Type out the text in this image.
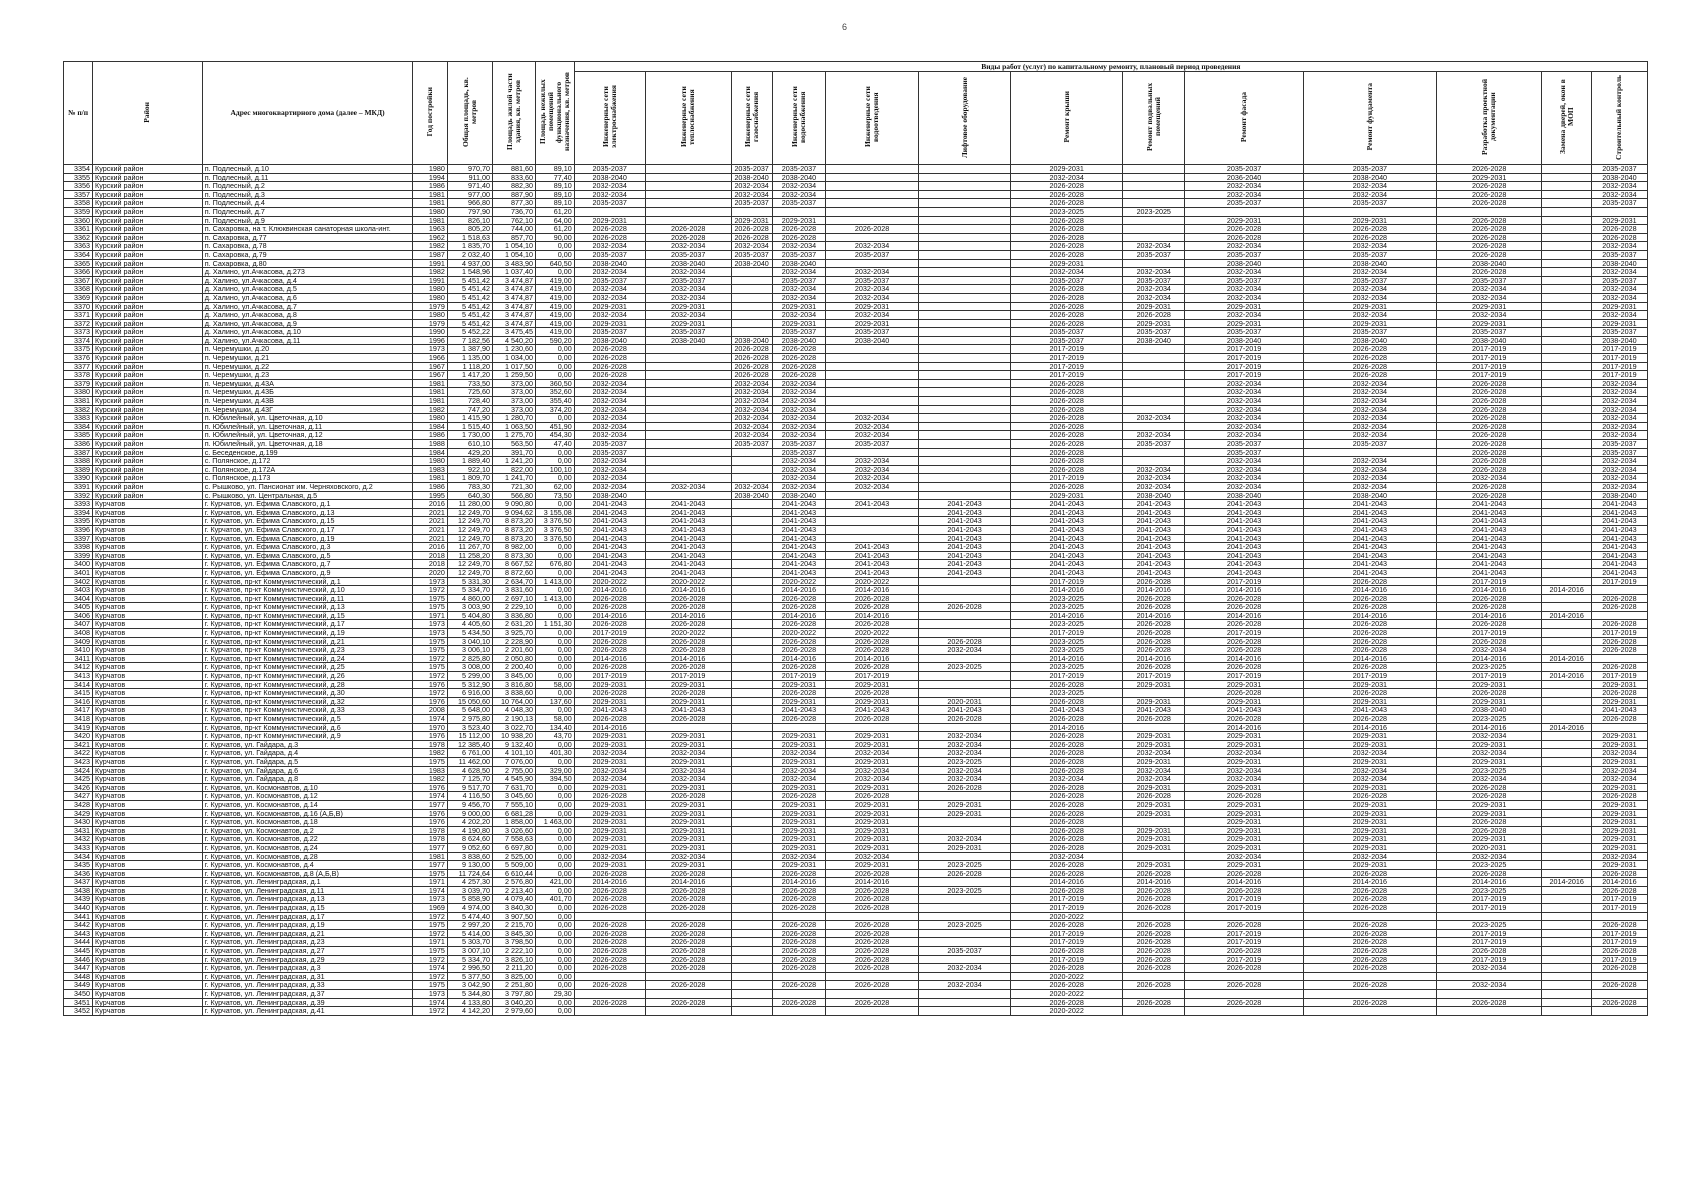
6
№ п/п	Район	Адрес многоквартирного дома (далее – МКД)	Год постройки	Общая площадь, кв. метров	Площадь жилой части здания, кв. метров	Площадь нежилых помещений функционального назначения, кв. метров	Виды работ (услуг) по капитальному ремонту, плановый период проведения												
							Инженерные сети электроснабжения	Инженерные сети теплоснабжения	Инженерные сети газоснабжения	Инженерные сети водоснабжения	Инженерные сети водоотведения	Лифтовое оборудование	Ремонт крыши	Ремонт подвальных помещений	Ремонт фасада	Ремонт фундамента	Разработка проектной документации	Замена дверей, окон в МОП	Строительный контроль
3354	Курский район	п. Подлесный, д.10	1980	970,70	881,60	89,10	2035-2037		2035-2037	2035-2037			2029-2031		2035-2037	2035-2037	2026-2028		2035-2037
3355	Курский район	п. Подлесный, д.11	1994	911,00	833,60	77,40	2038-2040		2038-2040	2038-2040			2032-2034		2036-2040	2038-2040	2029-2031		2038-2040
3356	Курский район	п. Подлесный, д.2	1986	971,40	882,30	89,10	2032-2034		2032-2034	2032-2034			2026-2028		2032-2034	2032-2034	2026-2028		2032-2034
3357	Курский район	п. Подлесный, д.3	1981	977,00	887,90	89,10	2032-2034		2032-2034	2032-2034			2026-2028		2032-2034	2032-2034	2026-2028		2032-2034
3358	Курский район	п. Подлесный, д.4	1981	966,80	877,30	89,10	2035-2037		2035-2037	2035-2037			2026-2028		2035-2037	2035-2037	2026-2028		2035-2037
3359	Курский район	п. Подлесный, д.7	1980	797,90	736,70	61,20							2023-2025	2023-2025					
3360	Курский район	п. Подлесный, д.9	1981	826,10	762,10	64,00	2029-2031		2029-2031	2029-2031			2026-2028		2029-2031	2029-2031	2026-2028		2029-2031
3361	Курский район	п. Сахаровка, на т. Клюквинская санаторная школа-инт.	1963	805,20	744,00	61,20	2026-2028	2026-2028	2026-2028	2026-2028	2026-2028		2026-2028		2026-2028	2026-2028	2026-2028		2026-2028
3362	Курский район	п. Сахаровка, д.77	1962	1 518,63	857,70	90,00	2026-2028	2026-2028	2026-2028	2026-2028			2026-2028		2026-2028	2026-2028	2026-2028		2026-2028
3363	Курский район	п. Сахаровка, д.78	1982	1 835,70	1 054,10	0,00	2032-2034	2032-2034	2032-2034	2032-2034	2032-2034		2026-2028	2032-2034	2032-2034	2032-2034	2026-2028		2032-2034
3364	Курский район	п. Сахаровка, д.79	1987	2 032,40	1 054,10	0,00	2035-2037	2035-2037	2035-2037	2035-2037	2035-2037		2026-2028	2035-2037	2035-2037	2035-2037	2026-2028		2035-2037
3365	Курский район	п. Сахаровка, д.80	1991	4 937,00	3 483,90	640,50	2038-2040	2038-2040	2038-2040	2038-2040			2029-2031		2038-2040	2038-2040	2038-2040		2038-2040
3366	Курский район	д. Халино, ул.Ачкасова, д.273	1982	1 548,96	1 037,40	0,00	2032-2034	2032-2034		2032-2034	2032-2034		2032-2034	2032-2034	2032-2034	2032-2034	2026-2028		2032-2034
3367	Курский район	д. Халино, ул.Ачкасова, д.4	1991	5 451,42	3 474,87	419,00	2035-2037	2035-2037		2035-2037	2035-2037		2035-2037	2035-2037	2035-2037	2035-2037	2035-2037		2035-2037
3368	Курский район	д. Халино, ул.Ачкасова, д.5	1980	5 451,42	3 474,87	419,00	2032-2034	2032-2034		2032-2034	2032-2034		2026-2028	2032-2034	2032-2034	2032-2034	2032-2034		2032-2034
3369	Курский район	д. Халино, ул.Ачкасова, д.6	1980	5 451,42	3 474,87	419,00	2032-2034	2032-2034		2032-2034	2032-2034		2026-2028	2032-2034	2032-2034	2032-2034	2032-2034		2032-2034
3370	Курский район	д. Халино, ул.Ачкасова, д.7	1979	5 451,42	3 474,87	419,00	2029-2031	2029-2031		2029-2031	2029-2031		2026-2028	2029-2031	2029-2031	2029-2031	2029-2031		2029-2031
3371	Курский район	д. Халино, ул.Ачкасова, д.8	1980	5 451,42	3 474,87	419,00	2032-2034	2032-2034		2032-2034	2032-2034		2026-2028	2026-2028	2032-2034	2032-2034	2032-2034		2032-2034
3372	Курский район	д. Халино, ул.Ачкасова, д.9	1979	5 451,42	3 474,87	419,00	2029-2031	2029-2031		2029-2031	2029-2031		2026-2028	2029-2031	2029-2031	2029-2031	2029-2031		2029-2031
3373	Курский район	д. Халино, ул.Ачкасова, д.10	1990	5 452,22	3 475,45	419,00	2035-2037	2035-2037		2035-2037	2035-2037		2035-2037	2035-2037	2035-2037	2035-2037	2035-2037		2035-2037
3374	Курский район	д. Халино, ул.Ачкасова, д.11	1996	7 182,56	4 540,20	590,20	2038-2040	2038-2040	2038-2040	2038-2040	2038-2040		2035-2037	2038-2040	2038-2040	2038-2040	2038-2040		2038-2040
3375	Курский район	п. Черемушки, д.20	1973	1 387,90	1 230,60	0,00	2026-2028		2026-2028	2026-2028			2017-2019		2017-2019	2026-2028	2017-2019		2017-2019
3376	Курский район	п. Черемушки, д.21	1966	1 135,00	1 034,00	0,00	2026-2028		2026-2028	2026-2028			2017-2019		2017-2019	2026-2028	2017-2019		2017-2019
3377	Курский район	п. Черемушки, д.22	1967	1 118,20	1 017,50	0,00	2026-2028		2026-2028	2026-2028			2017-2019		2017-2019	2026-2028	2017-2019		2017-2019
3378	Курский район	п. Черемушки, д.23	1967	1 417,20	1 259,50	0,00	2026-2028		2026-2028	2026-2028			2017-2019		2017-2019	2026-2028	2017-2019		2017-2019
3379	Курский район	п. Черемушки, д.43А	1981	733,50	373,00	360,50	2032-2034		2032-2034	2032-2034			2026-2028		2032-2034	2032-2034	2026-2028		2032-2034
3380	Курский район	п. Черемушки, д.43Б	1981	725,60	373,00	352,60	2032-2034		2032-2034	2032-2034			2026-2028		2032-2034	2032-2034	2026-2028		2032-2034
3381	Курский район	п. Черемушки, д.43В	1981	728,40	373,00	355,40	2032-2034		2032-2034	2032-2034			2026-2028		2032-2034	2032-2034	2026-2028		2032-2034
3382	Курский район	п. Черемушки, д.43Г	1982	747,20	373,00	374,20	2032-2034		2032-2034	2032-2034			2026-2028		2032-2034	2032-2034	2026-2028		2032-2034
3383	Курский район	п. Юбилейный, ул. Цветочная, д.10	1980	1 415,90	1 280,70	0,00	2032-2034		2032-2034	2032-2034	2032-2034		2026-2028	2032-2034	2032-2034	2032-2034	2026-2028		2032-2034
3384	Курский район	п. Юбилейный, ул. Цветочная, д.11	1984	1 515,40	1 063,50	451,90	2032-2034		2032-2034	2032-2034	2032-2034		2026-2028		2032-2034	2032-2034	2026-2028		2032-2034
3385	Курский район	п. Юбилейный, ул. Цветочная, д.12	1986	1 730,00	1 275,70	454,30	2032-2034		2032-2034	2032-2034	2032-2034		2026-2028	2032-2034	2032-2034	2032-2034	2026-2028		2032-2034
3386	Курский район	п. Юбилейный, ул. Цветочная, д.18	1988	610,10	563,50	47,40	2035-2037		2035-2037	2035-2037	2035-2037		2026-2028	2035-2037	2035-2037	2035-2037	2026-2028		2035-2037
3387	Курский район	с. Беседенское, д.199	1984	429,20	391,70	0,00	2035-2037			2035-2037			2026-2028		2035-2037		2026-2028		2035-2037
3388	Курский район	с. Полянское, д.172	1980	1 889,40	1 241,20	0,00	2032-2034			2032-2034	2032-2034		2026-2028		2032-2034	2032-2034	2026-2028		2032-2034
3389	Курский район	с. Полянское, д.172А	1983	922,10	822,00	100,10	2032-2034			2032-2034	2032-2034		2026-2028	2032-2034	2032-2034	2032-2034	2026-2028		2032-2034
3390	Курский район	с. Полянское, д.173	1981	1 809,70	1 241,70	0,00	2032-2034			2032-2034	2032-2034		2017-2019	2032-2034	2032-2034	2032-2034	2032-2034		2032-2034
3391	Курский район	с. Рышково, ул. Пансионат им. Черняховского, д.2	1986	783,30	721,30	62,00	2032-2034	2032-2034	2032-2034	2032-2034	2032-2034		2026-2028	2032-2034	2032-2034	2032-2034	2026-2028		2032-2034
3392	Курский район	с. Рышково, ул. Центральная, д.5	1995	640,30	566,80	73,50	2038-2040		2038-2040	2038-2040			2029-2031	2038-2040	2038-2040	2038-2040	2026-2028		2038-2040
3393	Курчатов	г. Курчатов, ул. Ефима Славского, д.1	2016	11 280,00	9 090,80	0,00	2041-2043	2041-2043		2041-2043	2041-2043	2041-2043	2041-2043	2041-2043	2041-2043	2041-2043	2041-2043		2041-2043
3394	Курчатов	г. Курчатов, ул. Ефима Славского, д.13	2021	12 249,70	9 094,62	3 155,08	2041-2043	2041-2043		2041-2043		2041-2043	2041-2043	2041-2043	2041-2043	2041-2043	2041-2043		2041-2043
3395	Курчатов	г. Курчатов, ул. Ефима Славского, д.15	2021	12 249,70	8 873,20	3 376,50	2041-2043	2041-2043		2041-2043		2041-2043	2041-2043	2041-2043	2041-2043	2041-2043	2041-2043		2041-2043
3396	Курчатов	г. Курчатов, ул. Ефима Славского, д.17	2021	12 249,70	8 873,20	3 376,50	2041-2043	2041-2043		2041-2043		2041-2043	2041-2043	2041-2043	2041-2043	2041-2043	2041-2043		2041-2043
3397	Курчатов	г. Курчатов, ул. Ефима Славского, д.19	2021	12 249,70	8 873,20	3 376,50	2041-2043	2041-2043		2041-2043		2041-2043	2041-2043	2041-2043	2041-2043	2041-2043	2041-2043		2041-2043
3398	Курчатов	г. Курчатов, ул. Ефима Славского, д.3	2016	11 267,70	8 982,00	0,00	2041-2043	2041-2043		2041-2043	2041-2043	2041-2043	2041-2043	2041-2043	2041-2043	2041-2043	2041-2043		2041-2043
3399	Курчатов	г. Курчатов, ул. Ефима Славского, д.5	2018	11 258,20	8 873,30	0,00	2041-2043	2041-2043		2041-2043	2041-2043	2041-2043	2041-2043	2041-2043	2041-2043	2041-2043	2041-2043		2041-2043
3400	Курчатов	г. Курчатов, ул. Ефима Славского, д.7	2018	12 249,70	8 667,52	676,80	2041-2043	2041-2043		2041-2043	2041-2043	2041-2043	2041-2043	2041-2043	2041-2043	2041-2043	2041-2043		2041-2043
3401	Курчатов	г. Курчатов, ул. Ефима Славского, д.9	2020	12 249,70	8 872,60	0,00	2041-2043	2041-2043		2041-2043	2041-2043	2041-2043	2041-2043	2041-2043	2041-2043	2041-2043	2041-2043		2041-2043
3402	Курчатов	г. Курчатов, пр-кт Коммунистический, д.1	1973	5 331,30	2 634,70	1 413,00	2020-2022	2020-2022		2020-2022	2020-2022		2017-2019	2026-2028	2017-2019	2026-2028	2017-2019		2017-2019
3403	Курчатов	г. Курчатов, пр-кт Коммунистический, д.10	1972	5 334,70	3 831,60	0,00	2014-2016	2014-2016		2014-2016	2014-2016		2014-2016	2014-2016	2014-2016	2014-2016	2014-2016	2014-2016	
3404	Курчатов	г. Курчатов, пр-кт Коммунистический, д.11	1975	4 860,00	2 697,10	1 413,00	2026-2028	2026-2028		2026-2028	2026-2028		2023-2025	2026-2028	2026-2028	2026-2028	2026-2028		2026-2028
3405	Курчатов	г. Курчатов, пр-кт Коммунистический, д.13	1975	3 003,90	2 229,10	0,00	2026-2028	2026-2028		2026-2028	2026-2028	2026-2028	2023-2025	2026-2028	2026-2028	2026-2028	2026-2028		2026-2028
3406	Курчатов	г. Курчатов, пр-кт Коммунистический, д.15	1971	5 404,80	3 836,80	0,00	2014-2016	2014-2016		2014-2016	2014-2016		2014-2016	2014-2016	2014-2016	2014-2016	2014-2016	2014-2016	
3407	Курчатов	г. Курчатов, пр-кт Коммунистический, д.17	1973	4 405,60	2 631,20	1 151,30	2026-2028	2026-2028		2026-2028	2026-2028		2023-2025	2026-2028	2026-2028	2026-2028	2026-2028		2026-2028
3408	Курчатов	г. Курчатов, пр-кт Коммунистический, д.19	1973	5 434,50	3 925,70	0,00	2017-2019	2020-2022		2020-2022	2020-2022		2017-2019	2026-2028	2017-2019	2026-2028	2017-2019		2017-2019
3409	Курчатов	г. Курчатов, пр-кт Коммунистический, д.21	1975	3 040,10	2 228,90	0,00	2026-2028	2026-2028		2026-2028	2026-2028	2026-2028	2023-2025	2026-2028	2026-2028	2026-2028	2026-2028		2026-2028
3410	Курчатов	г. Курчатов, пр-кт Коммунистический, д.23	1975	3 006,10	2 201,60	0,00	2026-2028	2026-2028		2026-2028	2026-2028	2032-2034	2023-2025	2026-2028	2026-2028	2026-2028	2032-2034		2026-2028
3411	Курчатов	г. Курчатов, пр-кт Коммунистический, д.24	1972	2 825,80	2 050,80	0,00	2014-2016	2014-2016		2014-2016	2014-2016		2014-2016	2014-2016	2014-2016	2014-2016	2014-2016	2014-2016	
3412	Курчатов	г. Курчатов, пр-кт Коммунистический, д.25	1975	3 008,00	2 200,40	0,00	2026-2028	2026-2028		2026-2028	2026-2028	2023-2025	2023-2025	2026-2028	2026-2028	2026-2028	2023-2025		2026-2028
3413	Курчатов	г. Курчатов, пр-кт Коммунистический, д.26	1972	5 299,00	3 845,00	0,00	2017-2019	2017-2019		2017-2019	2017-2019		2017-2019	2017-2019	2017-2019	2017-2019	2017-2019	2014-2016	2017-2019
3414	Курчатов	г. Курчатов, пр-кт Коммунистический, д.28	1976	5 312,90	3 816,80	58,00	2029-2031	2029-2031		2029-2031	2029-2031		2026-2028	2029-2031	2029-2031	2029-2031	2029-2031		2029-2031
3415	Курчатов	г. Курчатов, пр-кт Коммунистический, д.30	1972	6 916,00	3 838,60	0,00	2026-2028	2026-2028		2026-2028	2026-2028		2023-2025		2026-2028	2026-2028	2026-2028		2026-2028
3416	Курчатов	г. Курчатов, пр-кт Коммунистический, д.32	1976	15 050,60	10 764,00	137,60	2029-2031	2029-2031		2029-2031	2029-2031	2020-2031	2026-2028	2029-2031	2029-2031	2029-2031	2029-2031		2029-2031
3417	Курчатов	г. Курчатов, пр-кт Коммунистический, д.33	2008	5 648,00	4 048,30	0,00	2041-2043	2041-2043		2041-2043	2041-2043	2041-2043	2041-2043	2041-2043	2041-2043	2041-2043	2038-2040		2041-2043
3418	Курчатов	г. Курчатов, пр-кт Коммунистический, д.5	1974	2 975,80	2 190,13	58,00	2026-2028	2026-2028		2026-2028	2026-2028	2026-2028	2026-2028	2026-2028	2026-2028	2026-2028	2023-2025		2026-2028
3419	Курчатов	г. Курчатов, пр-кт Коммунистический, д.6	1970	3 523,40	3 022,70	134,40	2014-2016						2014-2016		2014-2016	2014-2016	2014-2016	2014-2016	
3420	Курчатов	г. Курчатов, пр-кт Коммунистический, д.9	1976	15 112,00	10 938,20	43,70	2029-2031	2029-2031		2029-2031	2029-2031	2032-2034	2026-2028	2029-2031	2029-2031	2029-2031	2032-2034		2029-2031
3421	Курчатов	г. Курчатов, ул. Гайдара, д.3	1978	12 385,40	9 132,40	0,00	2029-2031	2029-2031		2029-2031	2029-2031	2032-2034	2026-2028	2029-2031	2029-2031	2029-2031	2029-2031		2029-2031
3422	Курчатов	г. Курчатов, ул. Гайдара, д.4	1982	6 761,00	4 101,10	401,30	2032-2034	2032-2034		2032-2034	2032-2034	2032-2034	2026-2028	2032-2034	2032-2034	2032-2034	2032-2034		2032-2034
3423	Курчатов	г. Курчатов, ул. Гайдара, д.5	1975	11 462,00	7 076,00	0,00	2029-2031	2029-2031		2029-2031	2029-2031	2023-2025	2026-2028	2029-2031	2029-2031	2029-2031	2029-2031		2029-2031
3424	Курчатов	г. Курчатов, ул. Гайдара, д.6	1983	4 628,50	2 755,00	329,00	2032-2034	2032-2034		2032-2034	2032-2034	2032-2034	2026-2028	2032-2034	2032-2034	2032-2034	2023-2025		2032-2034
3425	Курчатов	г. Курчатов, ул. Гайдара, д.8	1982	7 125,70	4 545,90	394,50	2032-2034	2032-2034		2032-2034	2032-2034	2032-2034	2032-2034	2032-2034	2032-2034	2032-2034	2032-2034		2032-2034
3426	Курчатов	г. Курчатов, ул. Космонавтов, д.10	1976	9 517,70	7 631,70	0,00	2029-2031	2029-2031		2029-2031	2029-2031	2026-2028	2026-2028	2029-2031	2029-2031	2029-2031	2026-2028		2029-2031
3427	Курчатов	г. Курчатов, ул. Космонавтов, д.12	1974	4 116,50	3 045,60	0,00	2026-2028	2026-2028		2026-2028	2026-2028		2026-2028	2026-2028	2026-2028	2026-2028	2026-2028		2026-2028
3428	Курчатов	г. Курчатов, ул. Космонавтов, д.14	1977	9 456,70	7 555,10	0,00	2029-2031	2029-2031		2029-2031	2029-2031	2029-2031	2026-2028	2029-2031	2029-2031	2029-2031	2029-2031		2029-2031
3429	Курчатов	г. Курчатов, ул. Космонавтов, д.16 (А,Б,В)	1976	9 000,00	6 681,28	0,00	2029-2031	2029-2031		2029-2031	2029-2031	2029-2031	2026-2028	2029-2031	2029-2031	2029-2031	2029-2031		2029-2031
3430	Курчатов	г. Курчатов, ул. Космонавтов, д.18	1976	4 202,20	1 858,00	1 463,00	2029-2031	2029-2031		2029-2031	2029-2031		2026-2028		2029-2031	2029-2031	2026-2028		2029-2031
3431	Курчатов	г. Курчатов, ул. Космонавтов, д.2	1978	4 190,80	3 026,60	0,00	2029-2031	2029-2031		2029-2031	2029-2031		2026-2028	2029-2031	2029-2031	2029-2031	2026-2028		2029-2031
3432	Курчатов	г. Курчатов, ул. Космонавтов, д.22	1978	8 624,60	7 558,63	0,00	2029-2031	2029-2031		2029-2031	2029-2031	2032-2034	2026-2028	2029-2031	2029-2031	2029-2031	2029-2031		2029-2031
3433	Курчатов	г. Курчатов, ул. Космонавтов, д.24	1977	9 052,60	6 697,80	0,00	2029-2031	2029-2031		2029-2031	2029-2031	2029-2031	2026-2028	2029-2031	2029-2031	2029-2031	2020-2031		2029-2031
3434	Курчатов	г. Курчатов, ул. Космонавтов, д.28	1981	3 838,60	2 525,00	0,00	2032-2034	2032-2034		2032-2034	2032-2034		2032-2034		2032-2034	2032-2034	2032-2034		2032-2034
3435	Курчатов	г. Курчатов, ул. Космонавтов, д.4	1977	9 130,00	5 509,00	0,00	2029-2031	2029-2031		2029-2031	2029-2031	2023-2025	2026-2028	2029-2031	2029-2031	2029-2031	2023-2025		2029-2031
3436	Курчатов	г. Курчатов, ул. Космонавтов, д.8 (А,Б,В)	1975	11 724,64	6 610,44	0,00	2026-2028	2026-2028		2026-2028	2026-2028	2026-2028	2026-2028	2026-2028	2026-2028	2026-2028	2026-2028		2026-2028
3437	Курчатов	г. Курчатов, ул. Ленинградская, д.1	1971	4 257,30	2 576,80	421,00	2014-2016	2014-2016		2014-2016	2014-2016		2014-2016	2014-2016	2014-2016	2014-2016	2014-2016	2014-2016	2014-2016
3438	Курчатов	г. Курчатов, ул. Ленинградская, д.11	1974	3 039,70	2 213,40	0,00	2026-2028	2026-2028		2026-2028	2026-2028	2023-2025	2026-2028	2026-2028	2026-2028	2026-2028	2023-2025		2026-2028
3439	Курчатов	г. Курчатов, ул. Ленинградская, д.13	1973	5 858,90	4 079,40	401,70	2026-2028	2026-2028		2026-2028	2026-2028		2017-2019	2026-2028	2017-2019	2026-2028	2017-2019		2017-2019
3440	Курчатов	г. Курчатов, ул. Ленинградская, д.15	1969	4 974,00	3 840,30	0,00	2026-2028	2026-2028		2026-2028	2026-2028		2017-2019	2026-2028	2017-2019	2026-2028	2017-2019		2017-2019
3441	Курчатов	г. Курчатов, ул. Ленинградская, д.17	1972	5 474,40	3 907,50	0,00							2020-2022						
3442	Курчатов	г. Курчатов, ул. Ленинградская, д.19	1975	2 997,20	2 215,70	0,00	2026-2028	2026-2028		2026-2028	2026-2028	2023-2025	2026-2028	2026-2028	2026-2028	2026-2028	2023-2025		2026-2028
3443	Курчатов	г. Курчатов, ул. Ленинградская, д.21	1972	5 414,00	3 845,30	0,00	2026-2028	2026-2028		2026-2028	2026-2028		2017-2019	2026-2028	2017-2019	2026-2028	2017-2019		2017-2019
3444	Курчатов	г. Курчатов, ул. Ленинградская, д.23	1971	5 303,70	3 798,50	0,00	2026-2028	2026-2028		2026-2028	2026-2028		2017-2019	2026-2028	2017-2019	2026-2028	2017-2019		2017-2019
3445	Курчатов	г. Курчатов, ул. Ленинградская, д.27	1975	3 007,10	2 222,10	0,00	2026-2028	2026-2028		2026-2028	2026-2028	2035-2037	2026-2028	2026-2028	2026-2028	2026-2028	2026-2028		2026-2028
3446	Курчатов	г. Курчатов, ул. Ленинградская, д.29	1972	5 334,70	3 826,10	0,00	2026-2028	2026-2028		2026-2028	2026-2028		2017-2019	2026-2028	2017-2019	2026-2028	2017-2019		2017-2019
3447	Курчатов	г. Курчатов, ул. Ленинградская, д.3	1974	2 996,50	2 211,20	0,00	2026-2028	2026-2028		2026-2028	2026-2028	2032-2034	2026-2028	2026-2028	2026-2028	2026-2028	2032-2034		2026-2028
3448	Курчатов	г. Курчатов, ул. Ленинградская, д.31	1972	5 377,50	3 825,00	0,00							2020-2022						
3449	Курчатов	г. Курчатов, ул. Ленинградская, д.33	1975	3 042,90	2 251,80	0,00	2026-2028	2026-2028		2026-2028	2026-2028	2032-2034	2026-2028	2026-2028	2026-2028	2026-2028	2032-2034		2026-2028
3450	Курчатов	г. Курчатов, ул. Ленинградская, д.37	1973	5 344,80	3 797,80	29,30							2020-2022						
3451	Курчатов	г. Курчатов, ул. Ленинградская, д.39	1974	4 133,80	3 040,20	0,00	2026-2028	2026-2028		2026-2028	2026-2028		2026-2028	2026-2028	2026-2028	2026-2028	2026-2028		2026-2028
3452	Курчатов	г. Курчатов, ул. Ленинградская, д.41	1972	4 142,20	2 979,60	0,00							2020-2022						
